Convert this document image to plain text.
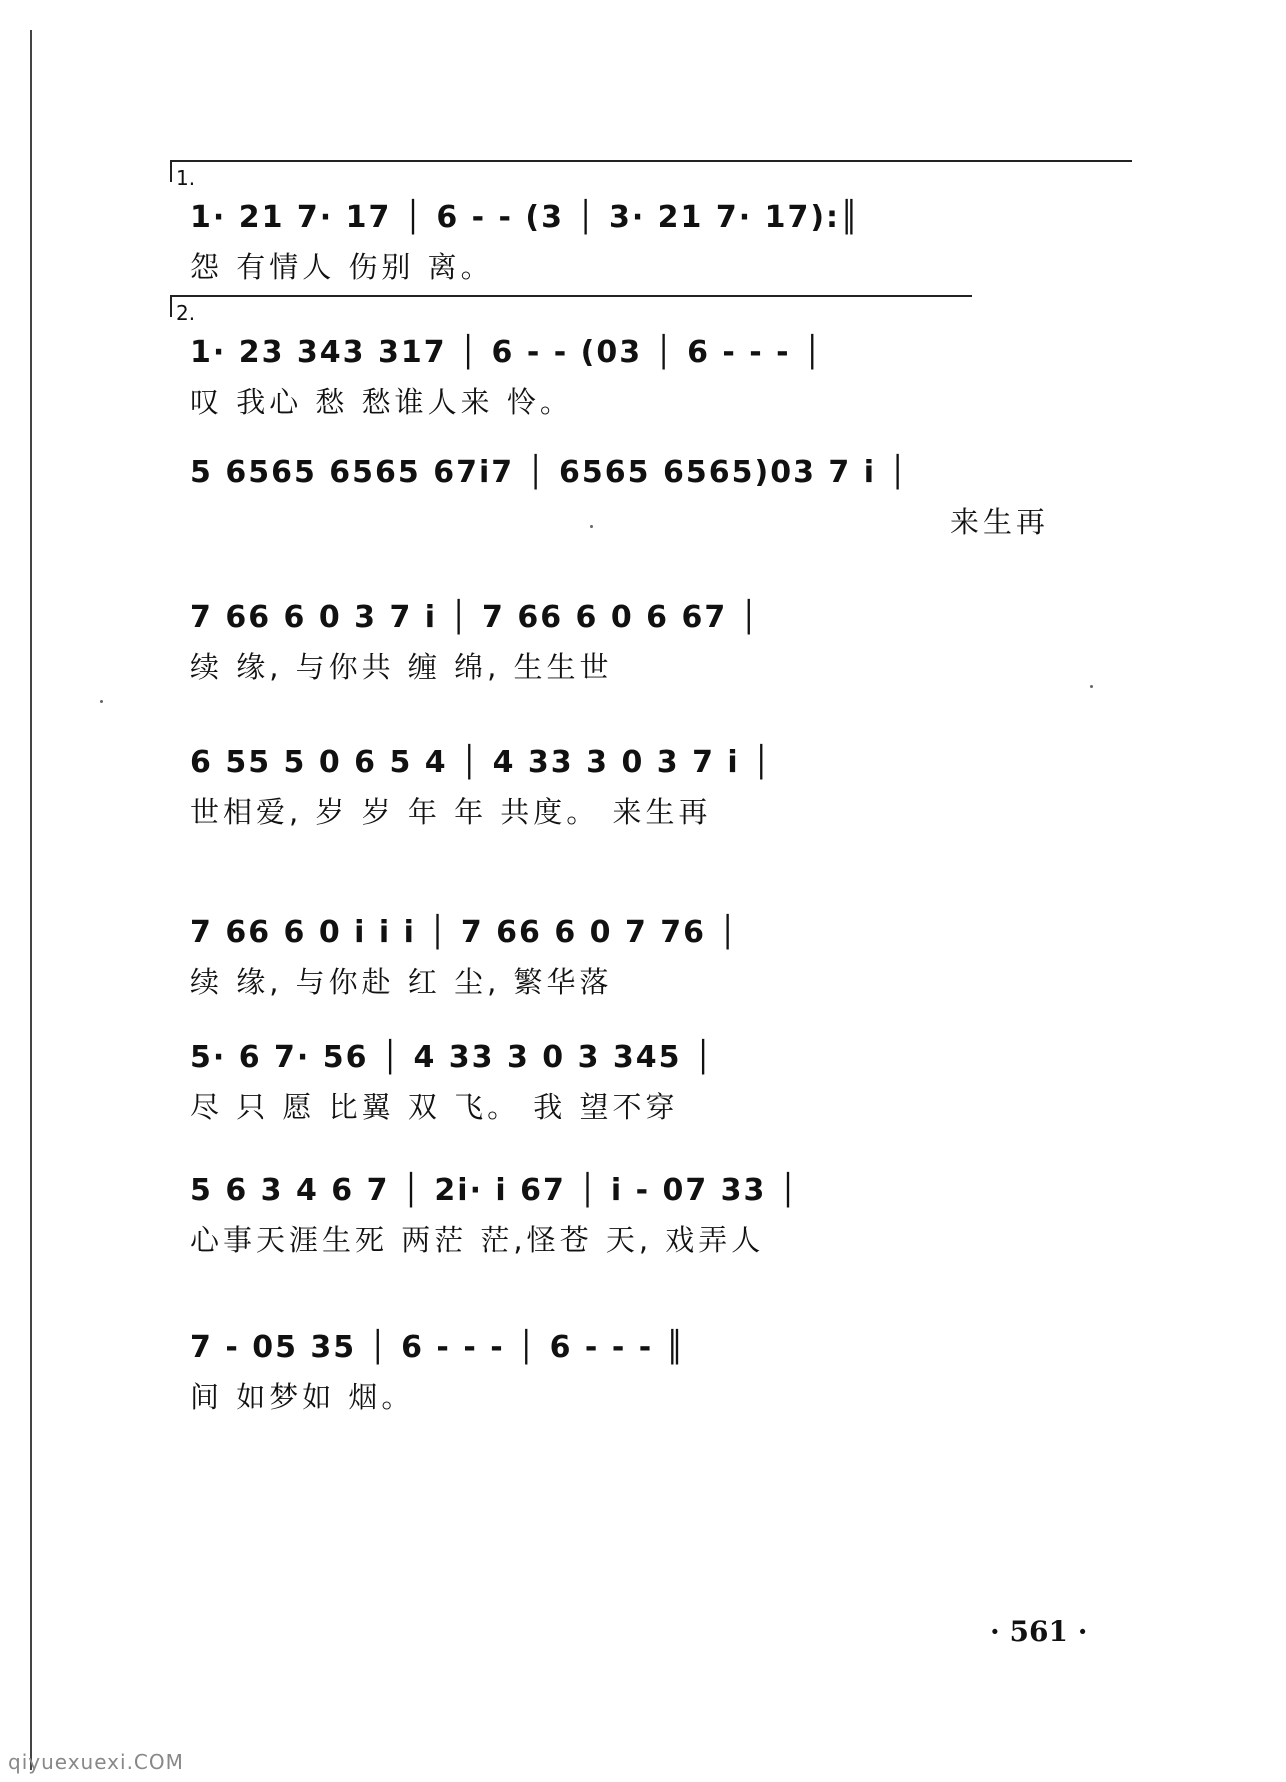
1.
1· 21 7· 17 │ 6 - - (3 │ 3· 21 7· 17):║
怨 有情人 伤别 离。
2.
1· 23 343 317 │ 6 - - (03 │ 6 - - - │
叹 我心 愁 愁谁人来 怜。
5 6565 6565 67i7 │ 6565 6565)03 7 i │
来生再
7 66 6 0 3 7 i │ 7 66 6 0 6 67 │
续 缘, 与你共 缠 绵, 生生世
6 55 5 0 6 5 4 │ 4 33 3 0 3 7 i │
世相爱, 岁 岁 年 年 共度。 来生再
7 66 6 0 i i i │ 7 66 6 0 7 76 │
续 缘, 与你赴 红 尘, 繁华落
5· 6 7· 56 │ 4 33 3 0 3 345 │
尽 只 愿 比翼 双 飞。 我 望不穿
5 6 3 4 6 7 │ 2i· i 67 │ i - 07 33 │
心事天涯生死 两茫 茫,怪苍 天, 戏弄人
7 - 05 35 │ 6 - - - │ 6 - - - ║
间 如梦如 烟。
· 561 ·
qiyuexuexi.COM
